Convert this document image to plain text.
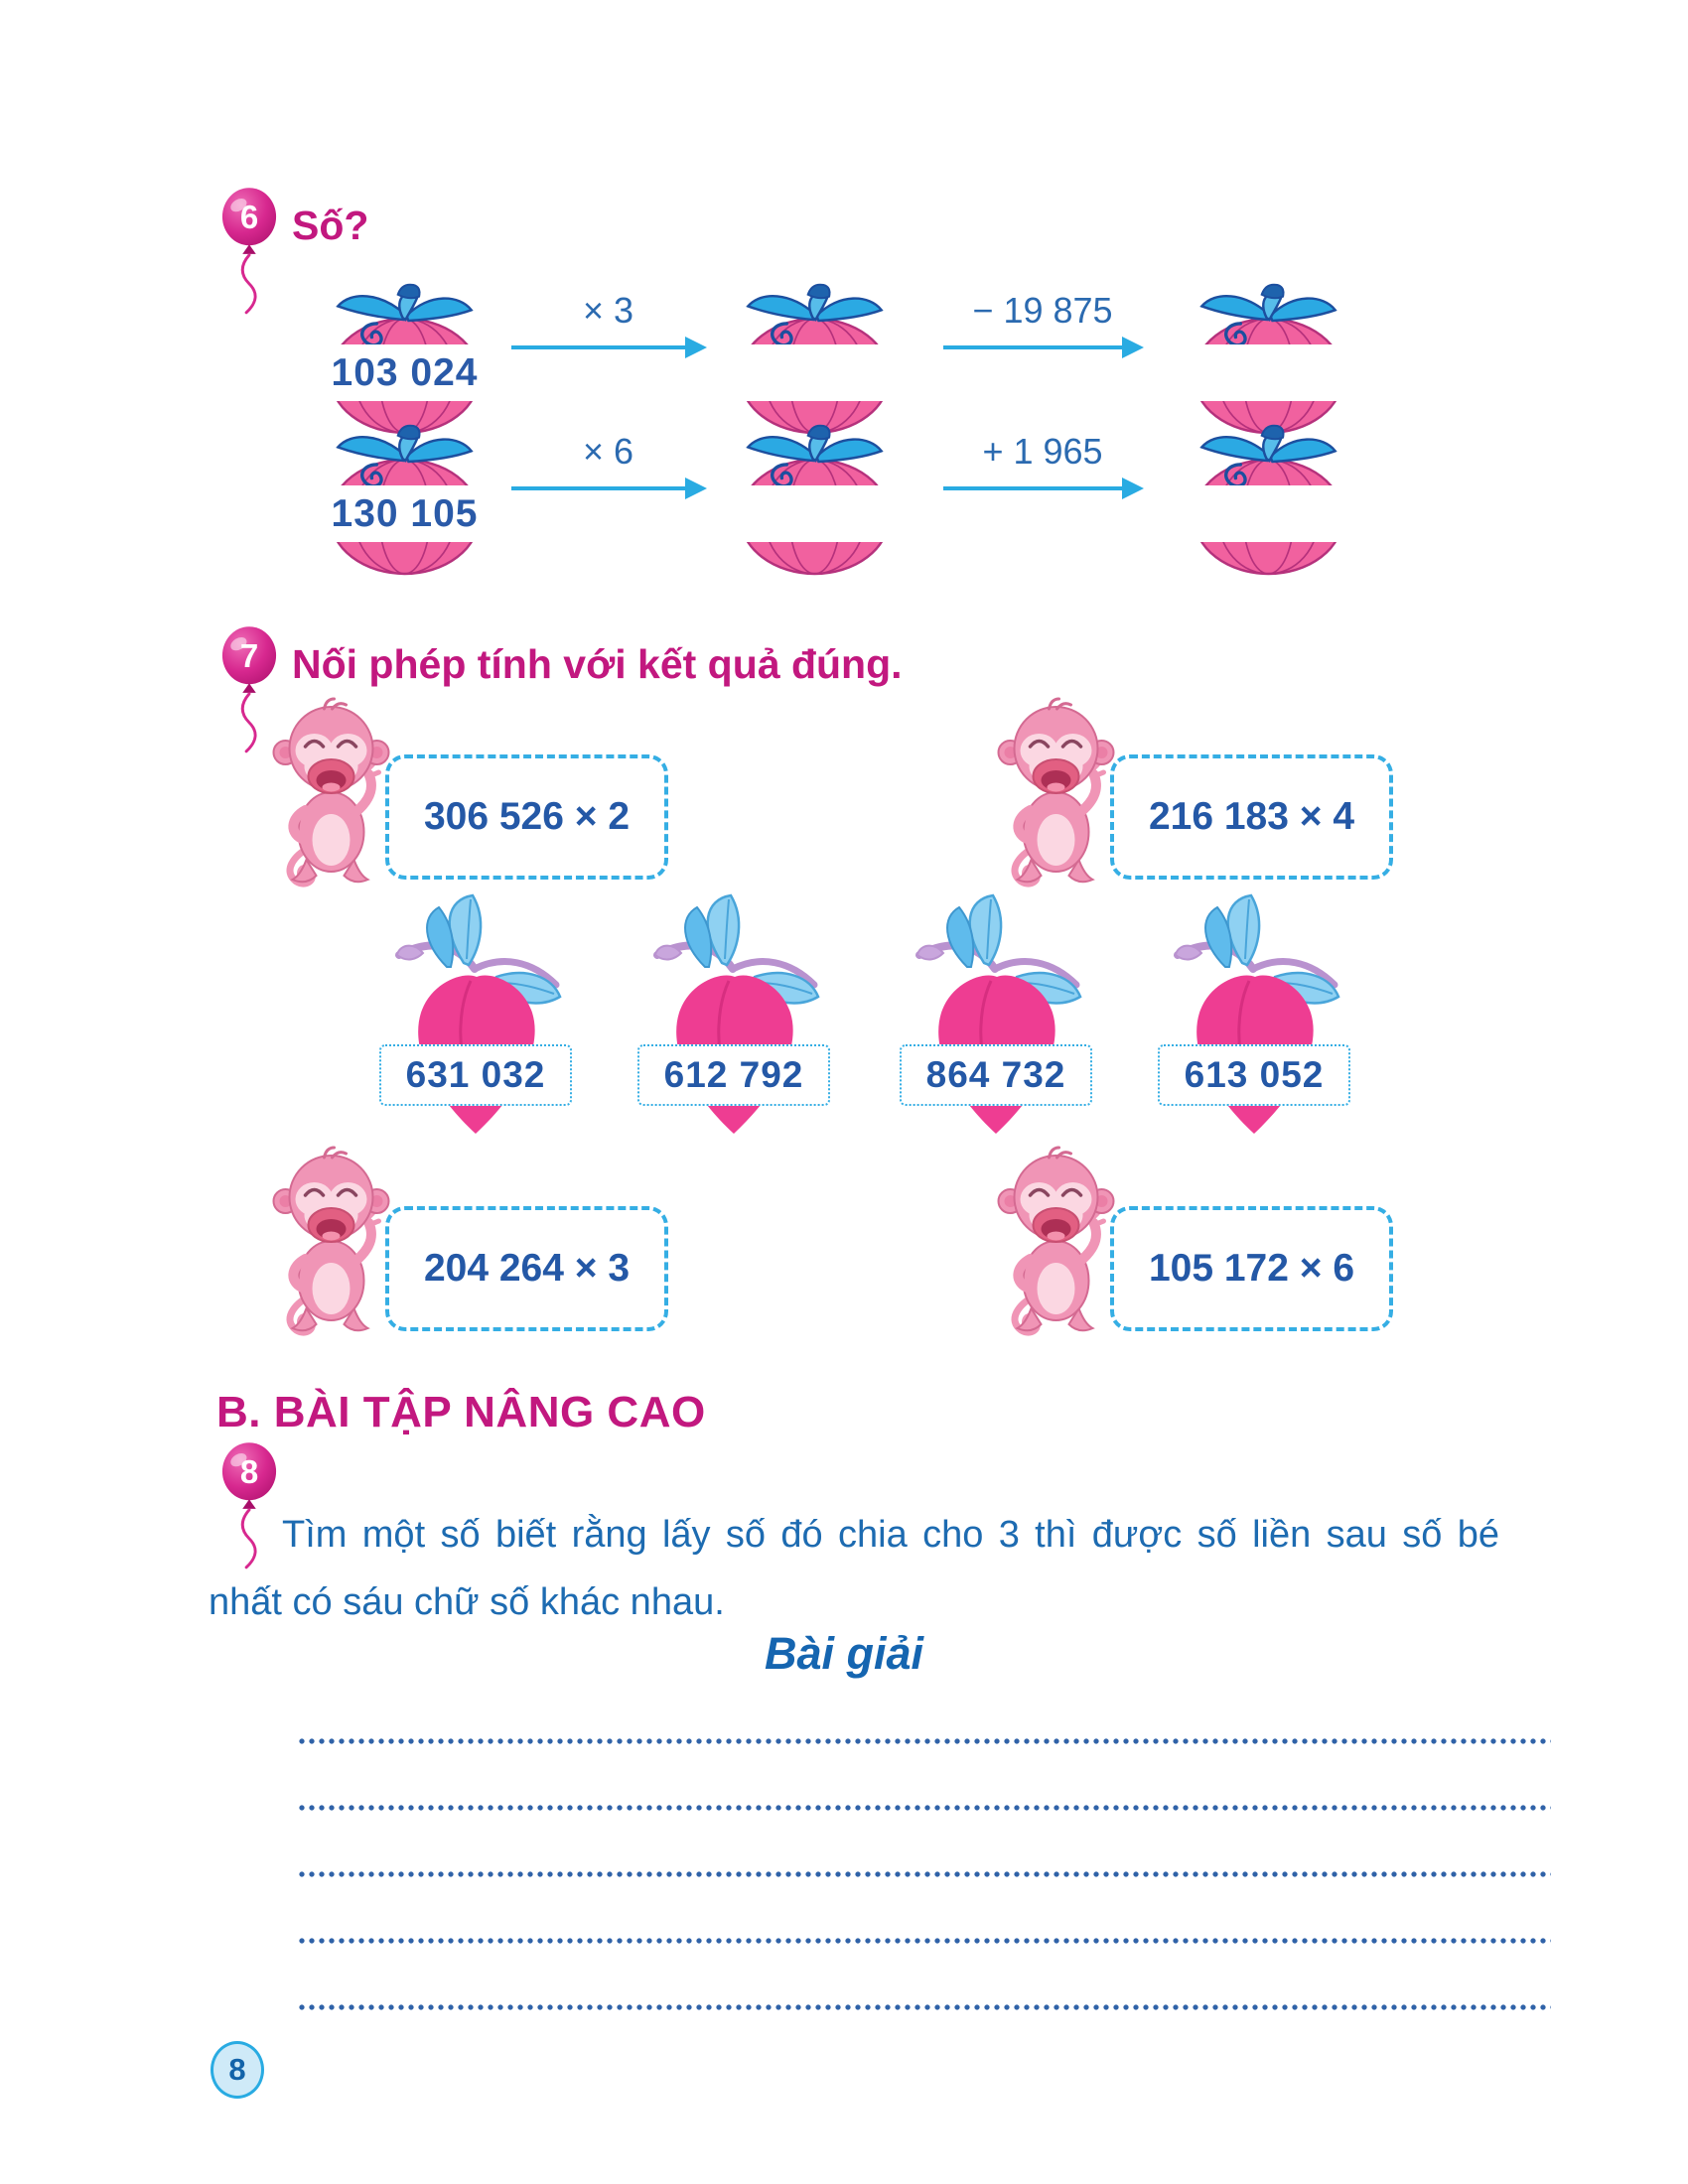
6 Số?
103 024
× 3	− 19 875
130 105
× 6	+ 1 965
7 Nối phép tính với kết quả đúng.
306 526 × 2	216 183 × 4
631 032	612 792	864 732	613 052
204 264 × 3	105 172 × 6
B. BÀI TẬP NÂNG CAO
8
Tìm một số biết rằng lấy số đó chia cho 3 thì được số liền sau số bé nhất có sáu chữ số khác nhau.
Bài giải
8
